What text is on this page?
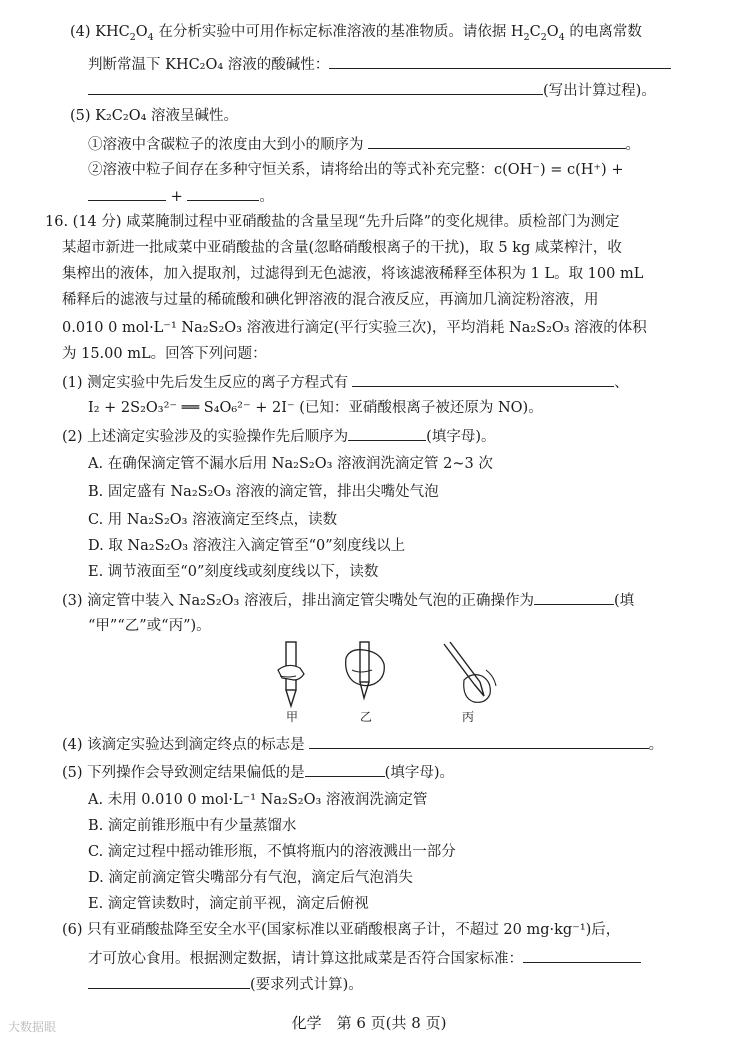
(4) $KHC_2O_4$ 在分析实验中可用作标定标准溶液的基准物质。请依据 $H_2C_2O_4$ 的电离常数
判断常温下 KHC₂O₄ 溶液的酸碱性：
(写出计算过程)。
(5) K₂C₂O₄ 溶液呈碱性。
①溶液中含碳粒子的浓度由大到小的顺序为	。
②溶液中粒子间存在多种守恒关系，请将给出的等式补充完整：c(OH⁻) = c(H⁺) +
+	。
16. (14 分) 咸菜腌制过程中亚硝酸盐的含量呈现“先升后降”的变化规律。质检部门为测定
某超市新进一批咸菜中亚硝酸盐的含量(忽略硝酸根离子的干扰)，取 5 kg 咸菜榨汁，收
集榨出的液体，加入提取剂，过滤得到无色滤液，将该滤液稀释至体积为 1 L。取 100 mL
稀释后的滤液与过量的稀硫酸和碘化钾溶液的混合液反应，再滴加几滴淀粉溶液，用
0.010 0 mol·L⁻¹ Na₂S₂O₃ 溶液进行滴定(平行实验三次)，平均消耗 Na₂S₂O₃ 溶液的体积
为 15.00 mL。回答下列问题：
(1) 测定实验中先后发生反应的离子方程式有	、
I₂ + 2S₂O₃²⁻ ══ S₄O₆²⁻ + 2I⁻ (已知：亚硝酸根离子被还原为 NO)。
(2) 上述滴定实验涉及的实验操作先后顺序为	(填字母)。
A. 在确保滴定管不漏水后用 Na₂S₂O₃ 溶液润洗滴定管 2~3 次
B. 固定盛有 Na₂S₂O₃ 溶液的滴定管，排出尖嘴处气泡
C. 用 Na₂S₂O₃ 溶液滴定至终点，读数
D. 取 Na₂S₂O₃ 溶液注入滴定管至“0”刻度线以上
E. 调节液面至“0”刻度线或刻度线以下，读数
(3) 滴定管中装入 Na₂S₂O₃ 溶液后，排出滴定管尖嘴处气泡的正确操作为	(填
“甲”“乙”或“丙”)。
甲	乙	丙
(4) 该滴定实验达到滴定终点的标志是	。
(5) 下列操作会导致测定结果偏低的是	(填字母)。
A. 未用 0.010 0 mol·L⁻¹ Na₂S₂O₃ 溶液润洗滴定管
B. 滴定前锥形瓶中有少量蒸馏水
C. 滴定过程中摇动锥形瓶，不慎将瓶内的溶液溅出一部分
D. 滴定前滴定管尖嘴部分有气泡，滴定后气泡消失
E. 滴定管读数时，滴定前平视，滴定后俯视
(6) 只有亚硝酸盐降至安全水平(国家标准以亚硝酸根离子计，不超过 20 mg·kg⁻¹)后，
才可放心食用。根据测定数据，请计算这批咸菜是否符合国家标准：
(要求列式计算)。
化学　第 6 页(共 8 页)
大数据眼
